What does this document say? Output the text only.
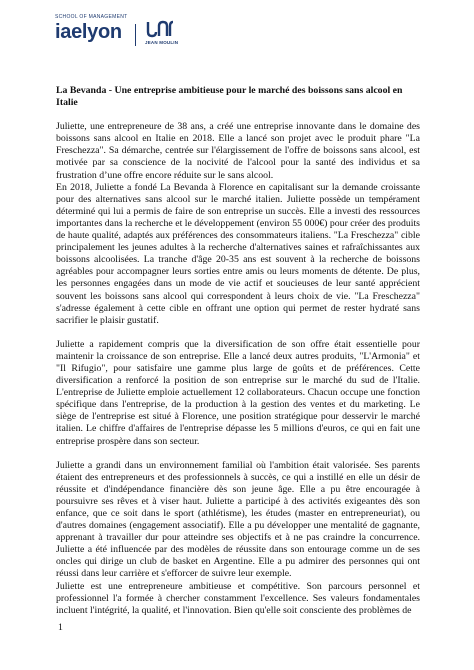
SCHOOL OF MANAGEMENT
iaelyon	JEAN MOULIN
La Bevanda - Une entreprise ambitieuse pour le marché des boissons sans alcool en Italie

Juliette, une entrepreneure de 38 ans, a créé une entreprise innovante dans le domaine des boissons sans alcool en Italie en 2018. Elle a lancé son projet avec le produit phare "La Freschezza". Sa démarche, centrée sur l'élargissement de l'offre de boissons sans alcool, est motivée par sa conscience de la nocivité de l'alcool pour la santé des individus et sa frustration d’une offre encore réduite sur le sans alcool.

En 2018, Juliette a fondé La Bevanda à Florence en capitalisant sur la demande croissante pour des alternatives sans alcool sur le marché italien. Juliette possède un tempérament déterminé qui lui a permis de faire de son entreprise un succès. Elle a investi des ressources importantes dans la recherche et le développement (environ 55 000€) pour créer des produits de haute qualité, adaptés aux préférences des consommateurs italiens. "La Freschezza" cible principalement les jeunes adultes à la recherche d'alternatives saines et rafraîchissantes aux boissons alcoolisées. La tranche d'âge 20-35 ans est souvent à la recherche de boissons agréables pour accompagner leurs sorties entre amis ou leurs moments de détente. De plus, les personnes engagées dans un mode de vie actif et soucieuses de leur santé apprécient souvent les boissons sans alcool qui correspondent à leurs choix de vie. "La Freschezza" s'adresse également à cette cible en offrant une option qui permet de rester hydraté sans sacrifier le plaisir gustatif.

Juliette a rapidement compris que la diversification de son offre était essentielle pour maintenir la croissance de son entreprise. Elle a lancé deux autres produits, "L'Armonia" et "Il Rifugio", pour satisfaire une gamme plus large de goûts et de préférences. Cette diversification a renforcé la position de son entreprise sur le marché du sud de l'Italie. L'entreprise de Juliette emploie actuellement 12 collaborateurs. Chacun occupe une fonction spécifique dans l'entreprise, de la production à la gestion des ventes et du marketing. Le siège de l'entreprise est situé à Florence, une position stratégique pour desservir le marché italien. Le chiffre d'affaires de l'entreprise dépasse les 5 millions d'euros, ce qui en fait une entreprise prospère dans son secteur.

Juliette a grandi dans un environnement familial où l'ambition était valorisée. Ses parents étaient des entrepreneurs et des professionnels à succès, ce qui a instillé en elle un désir de réussite et d'indépendance financière dès son jeune âge. Elle a pu être encouragée à poursuivre ses rêves et à viser haut. Juliette a participé à des activités exigeantes dès son enfance, que ce soit dans le sport (athlétisme), les études (master en entrepreneuriat), ou d'autres domaines (engagement associatif). Elle a pu développer une mentalité de gagnante, apprenant à travailler dur pour atteindre ses objectifs et à ne pas craindre la concurrence. Juliette a été influencée par des modèles de réussite dans son entourage comme un de ses oncles qui dirige un club de basket en Argentine. Elle a pu admirer des personnes qui ont réussi dans leur carrière et s'efforcer de suivre leur exemple.

Juliette est une entrepreneure ambitieuse et compétitive. Son parcours personnel et professionnel l'a formée à chercher constamment l'excellence. Ses valeurs fondamentales incluent l'intégrité, la qualité, et l'innovation. Bien qu'elle soit consciente des problèmes de

1
